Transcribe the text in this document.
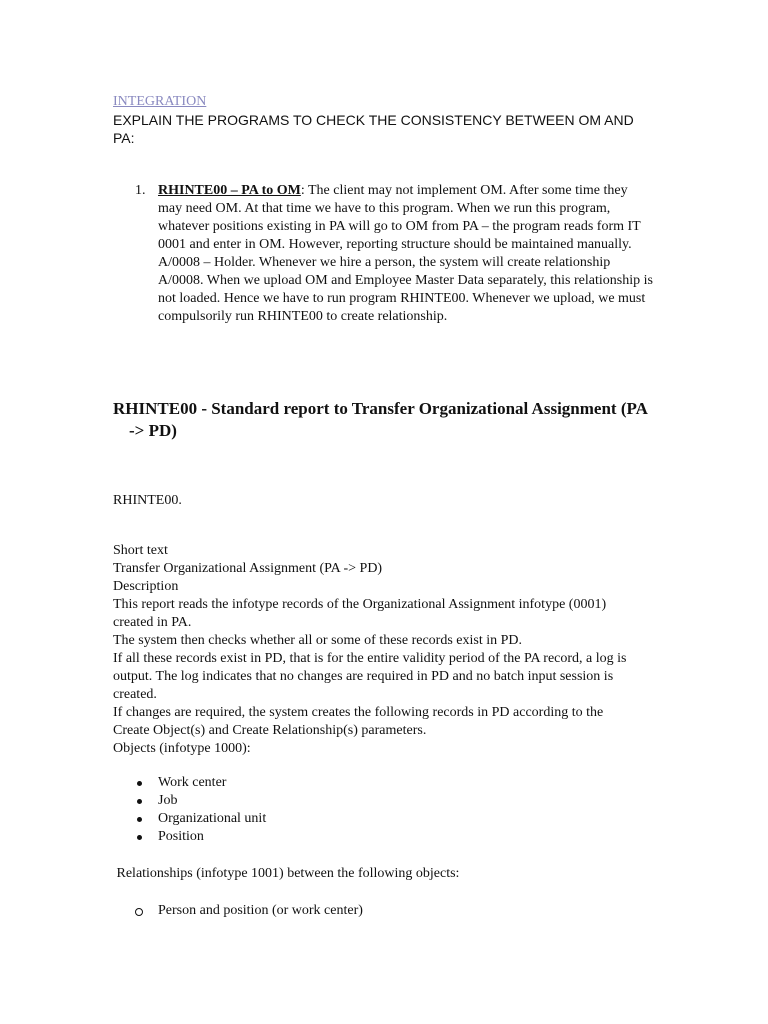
INTEGRATION
EXPLAIN THE PROGRAMS TO CHECK THE CONSISTENCY BETWEEN OM AND PA:
1. RHINTE00 – PA to OM: The client may not implement OM. After some time they may need OM. At that time we have to this program. When we run this program, whatever positions existing in PA will go to OM from PA – the program reads form IT 0001 and enter in OM. However, reporting structure should be maintained manually. A/0008 – Holder. Whenever we hire a person, the system will create relationship A/0008. When we upload OM and Employee Master Data separately, this relationship is not loaded. Hence we have to run program RHINTE00. Whenever we upload, we must compulsorily run RHINTE00 to create relationship.
RHINTE00 - Standard report to Transfer Organizational Assignment (PA
-> PD)
RHINTE00.
Short text
Transfer Organizational Assignment (PA -> PD)
Description
This report reads the infotype records of the Organizational Assignment infotype (0001) created in PA.
The system then checks whether all or some of these records exist in PD.
If all these records exist in PD, that is for the entire validity period of the PA record, a log is output. The log indicates that no changes are required in PD and no batch input session is created.
If changes are required, the system creates the following records in PD according to the Create Object(s) and Create Relationship(s) parameters.
Objects (infotype 1000):
Work center
Job
Organizational unit
Position
Relationships (infotype 1001) between the following objects:
Person and position (or work center)
